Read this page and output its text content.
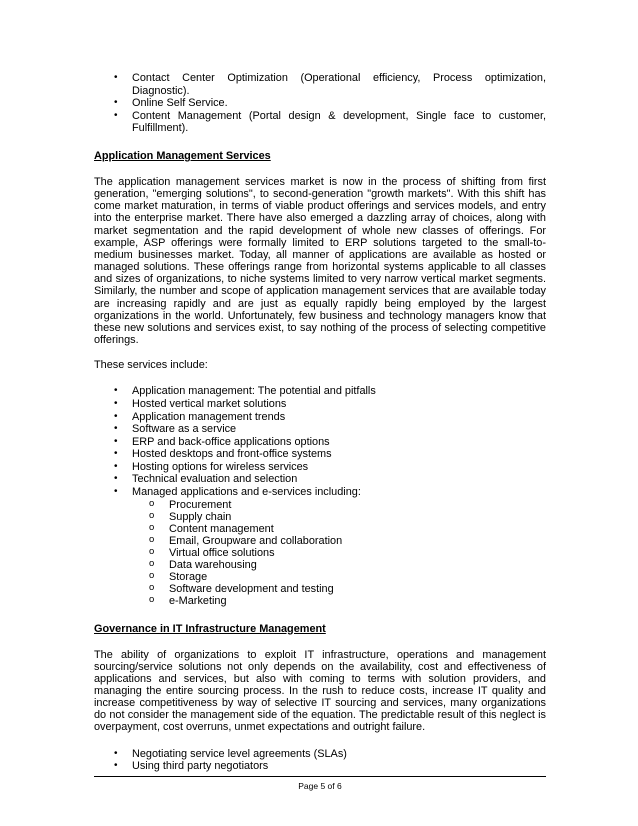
• Contact Center Optimization (Operational efficiency, Process optimization, Diagnostic).
• Online Self Service.
• Content Management (Portal design & development, Single face to customer, Fulfillment).

Application Management Services

The application management services market is now in the process of shifting from first generation, "emerging solutions", to second-generation "growth markets". With this shift has come market maturation, in terms of viable product offerings and services models, and entry into the enterprise market. There have also emerged a dazzling array of choices, along with market segmentation and the rapid development of whole new classes of offerings. For example, ASP offerings were formally limited to ERP solutions targeted to the small-to-medium businesses market. Today, all manner of applications are available as hosted or managed solutions. These offerings range from horizontal systems applicable to all classes and sizes of organizations, to niche systems limited to very narrow vertical market segments. Similarly, the number and scope of application management services that are available today are increasing rapidly and are just as equally rapidly being employed by the largest organizations in the world. Unfortunately, few business and technology managers know that these new solutions and services exist, to say nothing of the process of selecting competitive offerings.

These services include:

• Application management: The potential and pitfalls
• Hosted vertical market solutions
• Application management trends
• Software as a service
• ERP and back-office applications options
• Hosted desktops and front-office systems
• Hosting options for wireless services
• Technical evaluation and selection
• Managed applications and e-services including:
o Procurement
o Supply chain
o Content management
o Email, Groupware and collaboration
o Virtual office solutions
o Data warehousing
o Storage
o Software development and testing
o e-Marketing

Governance in IT Infrastructure Management

The ability of organizations to exploit IT infrastructure, operations and management sourcing/service solutions not only depends on the availability, cost and effectiveness of applications and services, but also with coming to terms with solution providers, and managing the entire sourcing process. In the rush to reduce costs, increase IT quality and increase competitiveness by way of selective IT sourcing and services, many organizations do not consider the management side of the equation. The predictable result of this neglect is overpayment, cost overruns, unmet expectations and outright failure.

• Negotiating service level agreements (SLAs)
• Using third party negotiators
Page 5 of 6
